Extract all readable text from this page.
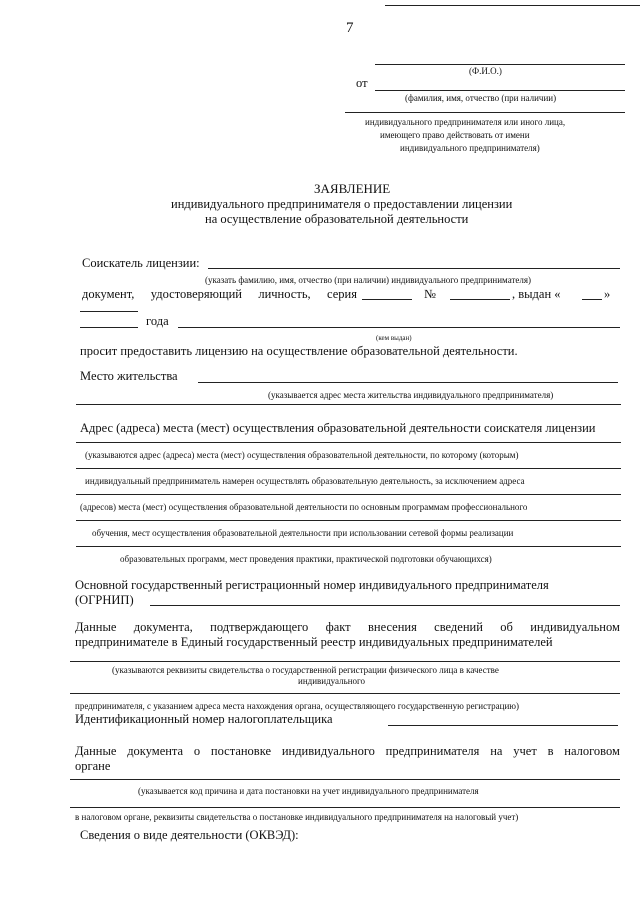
7
(Ф.И.О.)
от
(фамилия, имя, отчество (при наличии)
индивидуального предпринимателя или иного лица,
имеющего право действовать от имени
индивидуального предпринимателя)
ЗАЯВЛЕНИЕ
индивидуального предпринимателя о предоставлении лицензии
на осуществление образовательной деятельности
Соискатель лицензии:
(указать фамилию, имя, отчество (при наличии) индивидуального предпринимателя)
документ, удостоверяющий личность, серия	№	, выдан «	»
года
(кем выдан)
просит предоставить лицензию на осуществление образовательной деятельности.
Место жительства
(указывается адрес места жительства индивидуального предпринимателя)
Адрес (адреса) места (мест) осуществления образовательной деятельности соискателя лицензии
(указываются адрес (адреса) места (мест) осуществления образовательной деятельности, по которому (которым)
индивидуальный предприниматель намерен осуществлять образовательную деятельность, за исключением адреса
(адресов) места (мест) осуществления образовательной деятельности по основным программам профессионального
обучения, мест осуществления образовательной деятельности при использовании сетевой формы реализации
образовательных программ, мест проведения практики, практической подготовки обучающихся)
Основной государственный регистрационный номер индивидуального предпринимателя
(ОГРНИП)
Данные документа, подтверждающего факт внесения сведений об индивидуальном
предпринимателе в Единый государственный реестр индивидуальных предпринимателей
(указываются реквизиты свидетельства о государственной регистрации физического лица в качестве
индивидуального
предпринимателя, с указанием адреса места нахождения органа, осуществляющего государственную регистрацию)
Идентификационный номер налогоплательщика
Данные документа о постановке индивидуального предпринимателя на учет в налоговом
органе
(указывается код причина и дата постановки на учет индивидуального предпринимателя
в налоговом органе, реквизиты свидетельства о постановке индивидуального предпринимателя на налоговый учет)
Сведения о виде деятельности (ОКВЭД):
